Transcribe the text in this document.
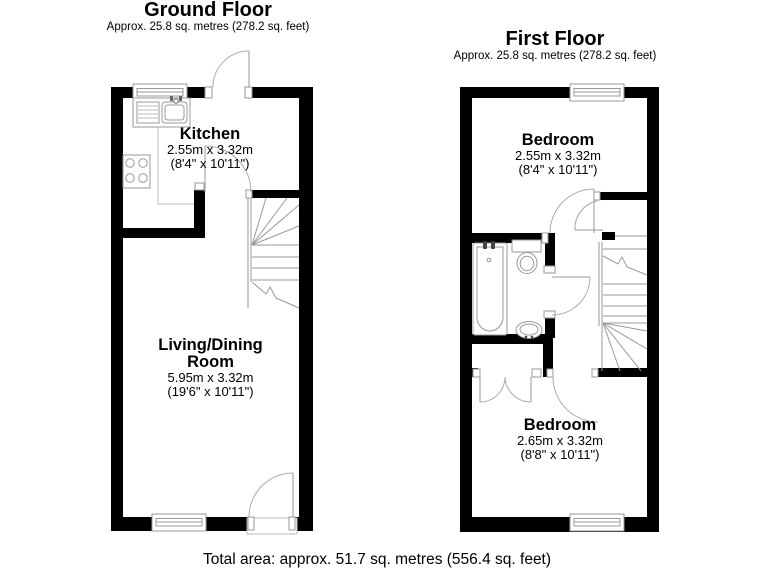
Ground Floor
Approx. 25.8 sq. metres (278.2 sq. feet)
First Floor
Approx. 25.8 sq. metres (278.2 sq. feet)
Kitchen
2.55m x 3.32m
(8'4" x 10'11")
Living/Dining Room
5.95m x 3.32m
(19'6" x 10'11")
Bedroom
2.55m x 3.32m
(8'4" x 10'11")
Bedroom
2.65m x 3.32m
(8'8" x 10'11")
Total area: approx. 51.7 sq. metres (556.4 sq. feet)
